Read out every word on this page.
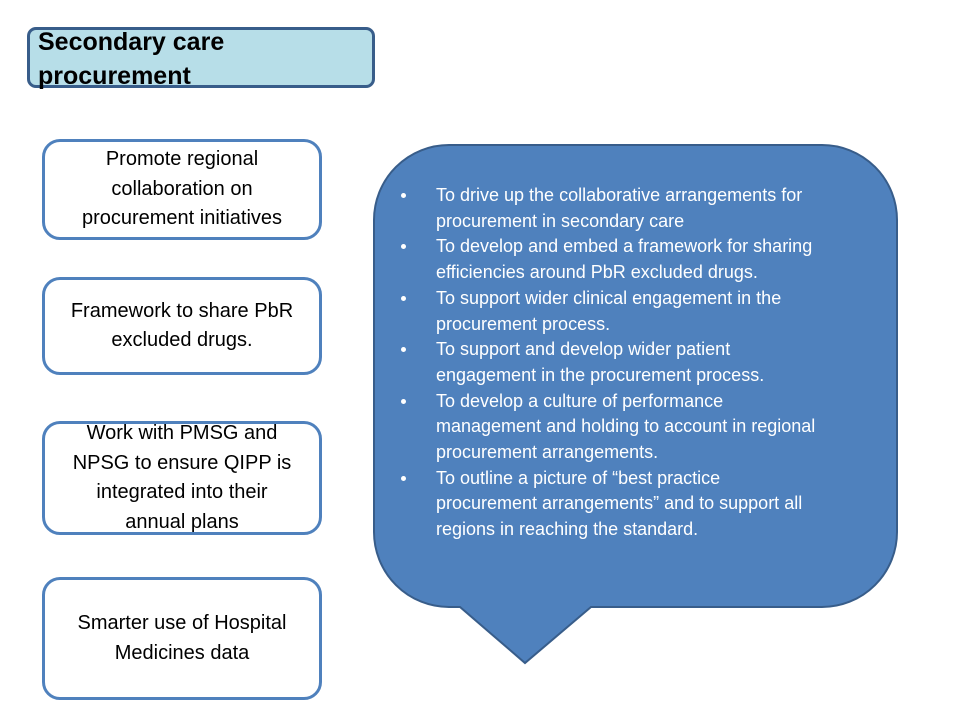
Secondary care procurement
Promote regional collaboration on procurement initiatives
Framework to share PbR excluded drugs.
Work with PMSG and NPSG to ensure QIPP is integrated into their annual plans
Smarter use of Hospital Medicines data
To drive up the collaborative arrangements for procurement in secondary care
To develop and embed a framework for sharing efficiencies around PbR excluded drugs.
To support wider clinical engagement in the procurement process.
To support and develop wider patient engagement in the procurement process.
To develop a culture of performance management and holding to account in regional procurement arrangements.
To outline a picture of “best practice procurement arrangements” and to support all regions in reaching the standard.
